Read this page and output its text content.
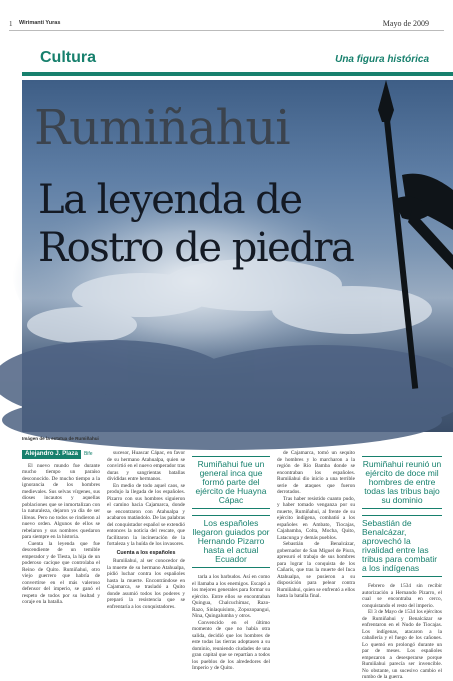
1 Wirimanti Yuras	Mayo de 2009
Cultura	Una figura histórica
Rumiñahui
La leyenda de
Rostro de piedra
Imágen de la estatua de Rumiñahui
Alejandro J. Plaza Bife

El nuevo mundo fue durante mucho tiempo un paraíso desconocido. De mucho tiempo a la ignorancia de los hombres medievales. Sus selvas vírgenes, sus dioses incautos y aquellas poblaciones que se inmortalizan con la naturaleza, dejaron ya día de ser ilíreas. Pero no todos se rindieron al nuevo orden. Algunos de ellos se rebelaron y sus nombres quedaron para siempre en la historia.

Cuenta la leyenda que fue descendiente de un temible emperador y de Tiesta, la hija de un poderoso cacique que controlaba el Reino de Quito. Rumiñahui, otro viejo guerrero que habría de convertirse en el más valeroso defensor del imperio, se ganó el respeto de todos por su lealtad y coraje en la batalla.

sucesor, Huascar Cápac, en favor de su hermano Atahualpa, quien se convirtió en el nuevo emperador tras duras y sangrientas batallas divididas entre hermanos.

En medio de todo aquel caos, se produjo la llegada de los españoles. Pizarro con sus hombres siguieron el camino hacia Cajamarca, donde se encontraron con Atahualpa y acabaron matándolo. De las palabras del conquistador español se extendió entonces la noticia del rescate, que facilitaron la incineración de la fortaleza y la huída de los invasores.

Cuenta a los españoles

Rumiñahui, al ser conocedor de la muerte de su hermano Atahualpa, pidió luchar contra los españoles hasta la muerte. Encontrándose en Cajamarca, se trasladó a Quito donde asumió todos los poderes y preparó la resistencia que se enfrentaría a los conquistadores.

Rumiñahui fue un general inca que formó parte del ejército de Huayna Cápac
Los españoles llegaron guiados por Hernando Pizarro hasta el actual Ecuador

tarla a los barbudos. Así en como el llamaba a los enemigos. Escapó a los mejores generales para formar su ejército. Entre ellos se encontraban Quingua, Chalcuchímac, Razo-Razo, Sinlaquisinto, Zopozopangui, Nina, Quingalumba y otros.

Convencido en el último momento de que no había otra salida, decidió que los hombres de este todas las tierras adoptasen a su dominio, reuniendo ciudades de una gran capital que se repartían a todos los pueblos de los alrededores del Imperio y de Quito.

de Cajamarca, tomó un sequito de hombres y lo marcharon a la región de Río Bamba donde se encontraban los españoles. Rumiñahui dio inicio a una terrible serie de ataques que fueron derrotados.

Tras haber resistido cuanto pudo, y haber tomado venganza por su muerte, Rumiñahui, al frente de su ejército indígena, combatió a los españoles en Ambato, Tiocajas, Cajabamba, Colta, Mocha, Quito, Latacunga y demás pueblos.

Sebastián de Benalcázar, gobernador de San Miguel de Piura, apresuró el trabajo de sus hombres para lograr la conquista de los Cañaris, que tras la muerte del Inca Atahualpa, se pusieron a su disposición para pelear contra Rumiñahui, quien se enfrentó a ellos hasta la batalla final.

Rumiñahui reunió un ejército de doce mil hombres de entre todas las tribus bajo su dominio
Sebastián de Benalcázar, aprovechó la rivalidad entre las tribus para combatir a los indígenas

Febrero de 1534 sin recibir autorización a Hernando Pizarro, el cual se encontraba en cerco, conquistando el resto del imperio.

El 3 de Mayo de 1534 los ejércitos de Rumiñahui y Benalcázar se enfrentaron en el Nudo de Tiocajas. Los indígenas, atacaron a la caballería y el fuego de los cañones. Lo quemó en prolongó durante un par de meses. Los españoles empezaron a desesperarse porque Rumiñahui parecía ser invencible. No obstante, un sucesivo cambio el rumbo de la guerra.
